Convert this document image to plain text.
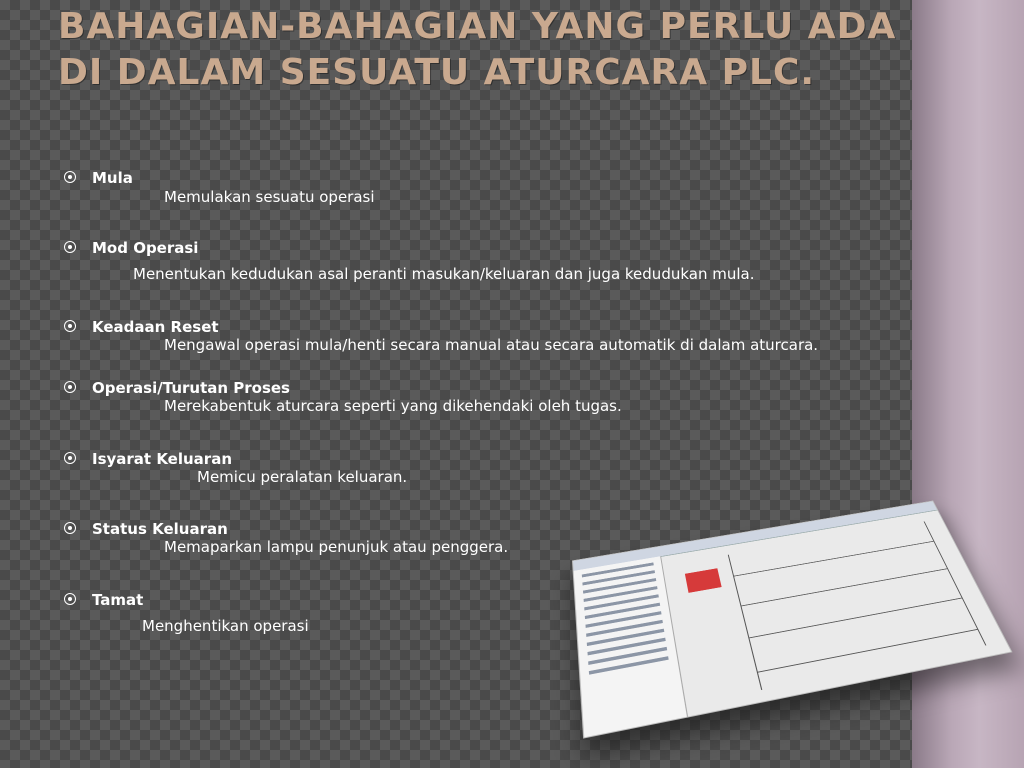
BAHAGIAN-BAHAGIAN YANG PERLU ADA DI DALAM SESUATU ATURCARA PLC.
Mula
Memulakan sesuatu operasi
Mod Operasi
Menentukan kedudukan asal peranti masukan/keluaran dan juga kedudukan mula.
Keadaan Reset
Mengawal operasi mula/henti secara manual atau secara automatik di dalam aturcara.
Operasi/Turutan Proses
Merekabentuk aturcara seperti yang dikehendaki oleh tugas.
Isyarat Keluaran
Memicu peralatan keluaran.
Status Keluaran
Memaparkan lampu penunjuk atau penggera.
Tamat
Menghentikan operasi
